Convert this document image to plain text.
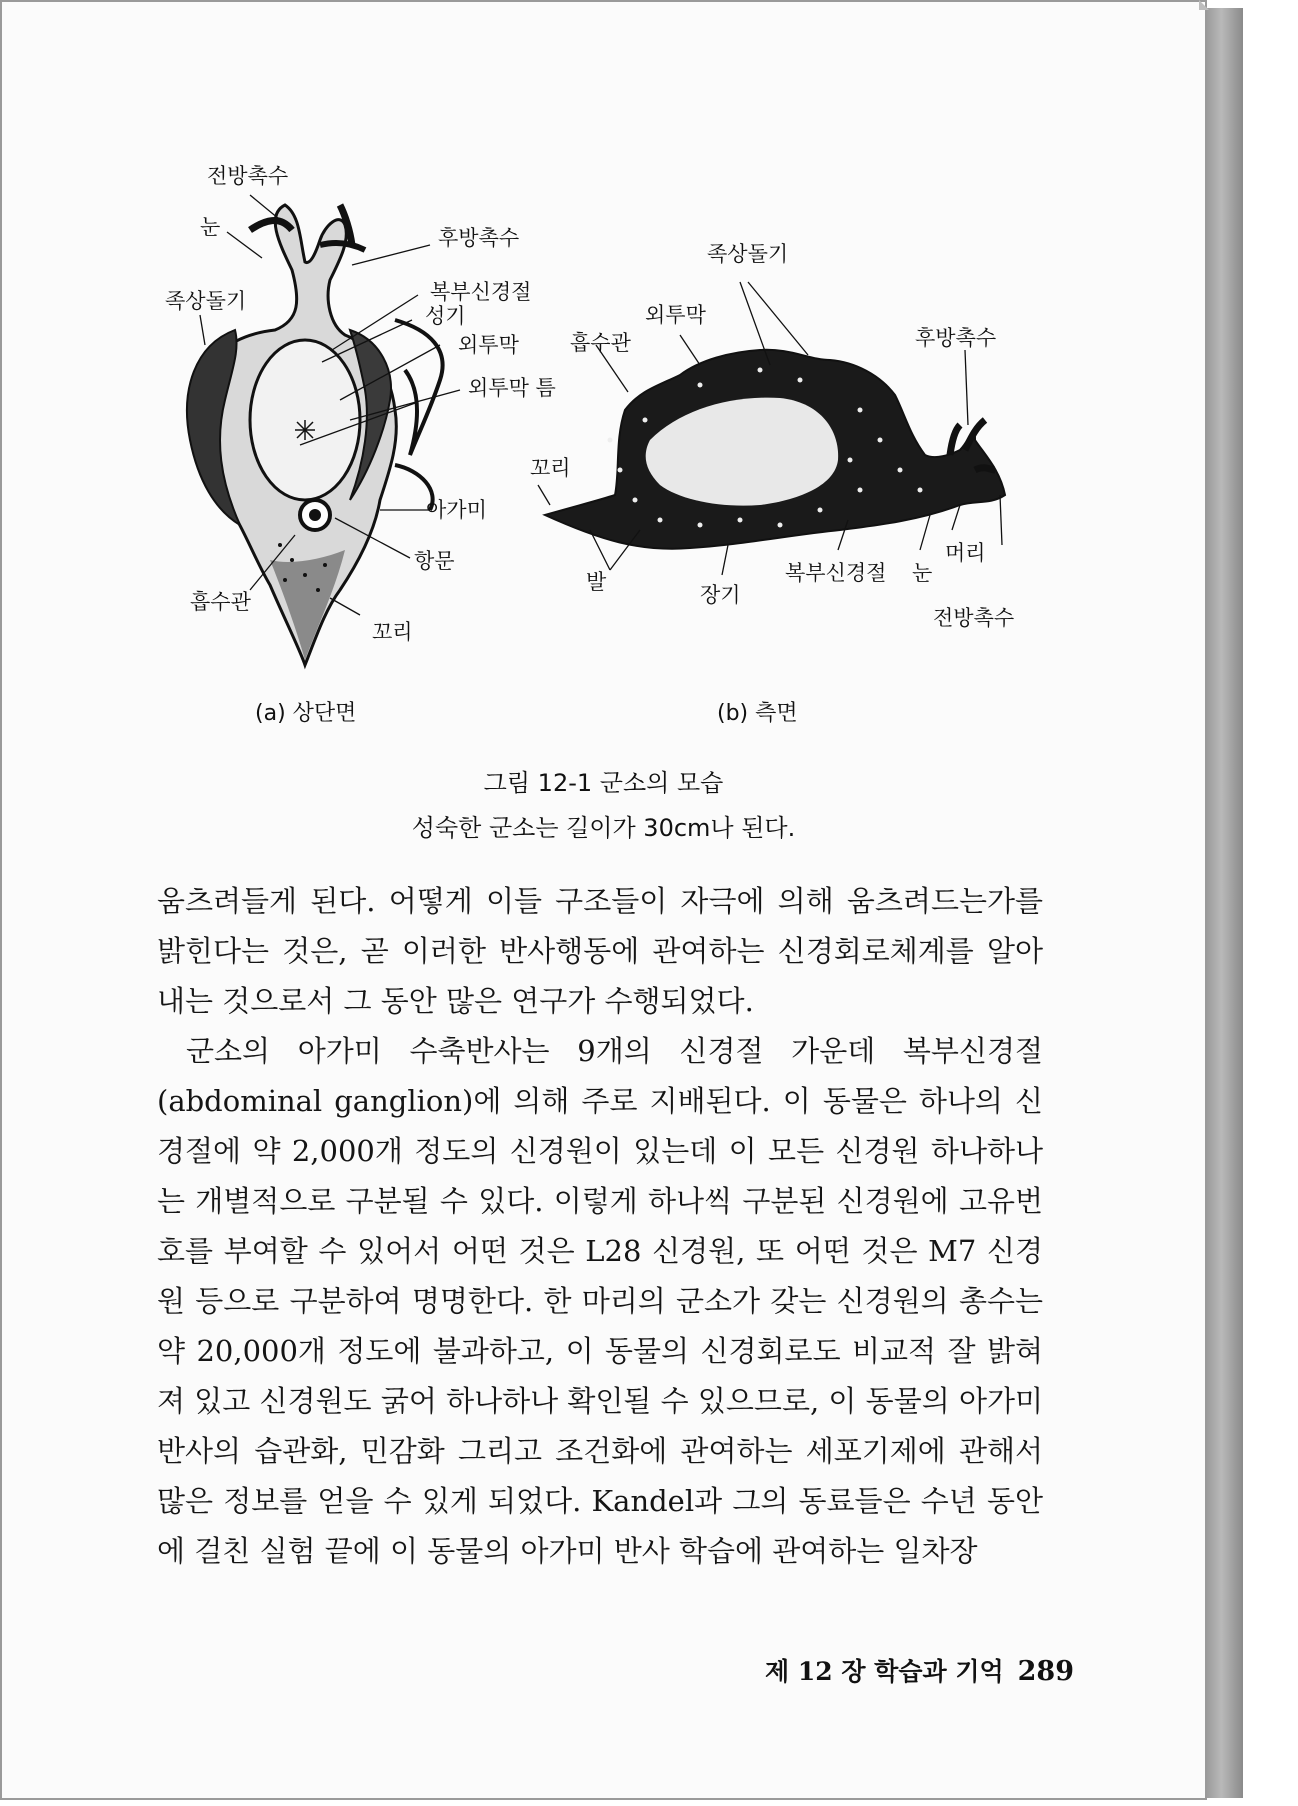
전방촉수
눈	후방촉수
족상돌기	복부신경절
성기
외투막
외투막 틈
아가미
항문
흡수관
꼬리
족상돌기
외투막
흡수관	후방촉수
꼬리
머리
발
장기
복부신경절 눈
전방촉수
(a) 상단면	(b) 측면
그림 12-1 군소의 모습
성숙한 군소는 길이가 30cm나 된다.

움츠려들게 된다. 어떻게 이들 구조들이 자극에 의해 움츠려드는가를 밝힌다는 것은, 곧 이러한 반사행동에 관여하는 신경회로체계를 알아내는 것으로서 그 동안 많은 연구가 수행되었다.

군소의 아가미 수축반사는 9개의 신경절 가운데 복부신경절(abdominal ganglion)에 의해 주로 지배된다. 이 동물은 하나의 신경절에 약 2,000개 정도의 신경원이 있는데 이 모든 신경원 하나하나는 개별적으로 구분될 수 있다. 이렇게 하나씩 구분된 신경원에 고유번호를 부여할 수 있어서 어떤 것은 L28 신경원, 또 어떤 것은 M7 신경원 등으로 구분하여 명명한다. 한 마리의 군소가 갖는 신경원의 총수는 약 20,000개 정도에 불과하고, 이 동물의 신경회로도 비교적 잘 밝혀져 있고 신경원도 굵어 하나하나 확인될 수 있으므로, 이 동물의 아가미 반사의 습관화, 민감화 그리고 조건화에 관여하는 세포기제에 관해서 많은 정보를 얻을 수 있게 되었다. Kandel과 그의 동료들은 수년 동안에 걸친 실험 끝에 이 동물의 아가미 반사 학습에 관여하는 일차장

제 12 장 학습과 기억 289
